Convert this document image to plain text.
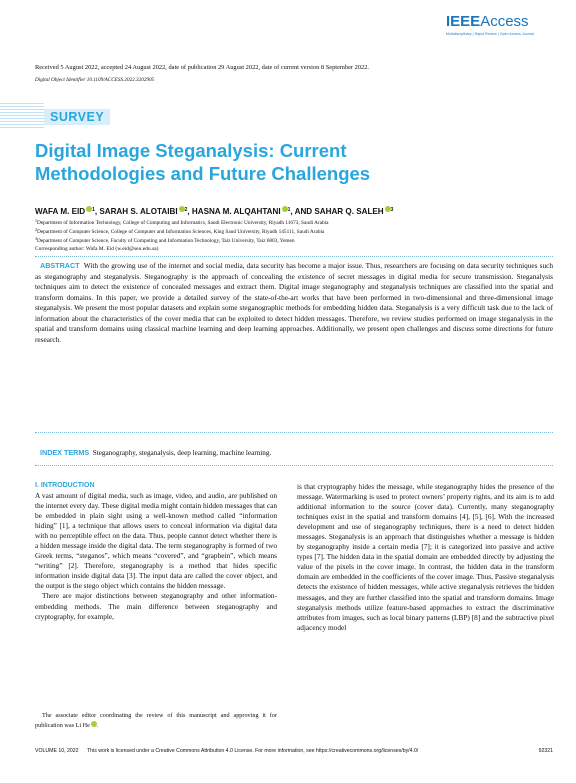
IEEEAccess
Multidisciplinary | Rapid Review | Open Access Journal
Received 5 August 2022, accepted 24 August 2022, date of publication 29 August 2022, date of current version 8 September 2022.
Digital Object Identifier 10.1109/ACCESS.2022.3202905
SURVEY
Digital Image Steganalysis: Current
Methodologies and Future Challenges
WAFA M. EID $^1$, SARAH S. ALOTAIBI $^2$, HASNA M. ALQAHTANI $^1$, AND SAHAR Q. SALEH $^3$
$^1$Department of Information Technology, College of Computing and Informatics, Saudi Electronic University, Riyadh 11673, Saudi Arabia
$^2$Department of Computer Science, College of Computer and Information Sciences, King Saud University, Riyadh 145111, Saudi Arabia
$^3$Department of Computer Science, Faculty of Computing and Information Technology, Taiz University, Taiz 6803, Yemen
Corresponding author: Wafa M. Eid (w.eid@seu.edu.sa)
ABSTRACT With the growing use of the internet and social media, data security has become a major issue. Thus, researchers are focusing on data security techniques such as steganography and steganalysis. Steganography is the approach of concealing the existence of secret messages in digital media for secure transmission. Steganalysis techniques aim to detect the existence of concealed messages and extract them. Digital image steganography and steganalysis techniques are classified into the spatial and transform domains. In this paper, we provide a detailed survey of the state-of-the-art works that have been performed in two-dimensional and three-dimensional image steganalysis. We present the most popular datasets and explain some steganographic methods for embedding hidden data. Steganalysis is a very difficult task due to the lack of information about the characteristics of the cover media that can be exploited to detect hidden messages. Therefore, we review studies performed on image steganalysis in the spatial and transform domains using classical machine learning and deep learning approaches. Additionally, we present open challenges and discuss some directions for future research.
INDEX TERMS Steganography, steganalysis, deep learning, machine learning.
I. INTRODUCTION

A vast amount of digital media, such as image, video, and audio, are published on the internet every day. These digital media might contain hidden messages that can be embedded in plain sight using a well-known method called “information hiding” [1], a technique that allows users to conceal information via digital data with no perceptible effect on the data. Thus, people cannot detect whether there is a hidden message inside the digital data. The term steganography is formed of two Greek terms, “steganos”, which means “covered”, and “graphein”, which means “writing” [2]. Therefore, steganography is a method that hides specific information inside digital data [3]. The input data are called the cover object, and the output is the stego object which contains the hidden message.

There are major distinctions between steganography and other information-embedding methods. The main difference between steganography and cryptography, for example,

is that cryptography hides the message, while steganography hides the presence of the message. Watermarking is used to protect owners’ property rights, and its aim is to add additional information to the source (cover data). Currently, many steganography techniques exist in the spatial and transform domains [4], [5], [6]. With the increased development and use of steganography techniques, there is a need to detect hidden messages. Steganalysis is an approach that distinguishes whether a message is hidden by steganography inside a certain media [7]; it is categorized into passive and active types [7]. The hidden data in the spatial domain are embedded directly by adjusting the value of the pixels in the cover image. In contrast, the hidden data in the transform domain are embedded in the coefficients of the cover image. Thus, Passive steganalysis detects the existence of hidden messages, while active steganalysis retrieves the hidden messages, and they are further classified into the spatial and transform domains. Image steganalysis methods utilize feature-based approaches to extract the discriminative attributes from images, such as local binary patterns (LBP) [8] and the subtractive pixel adjacency model

The associate editor coordinating the review of this manuscript and approving it for publication was Li He .
VOLUME 10, 2022 This work is licensed under a Creative Commons Attribution 4.0 License. For more information, see https://creativecommons.org/licenses/by/4.0/	92321
